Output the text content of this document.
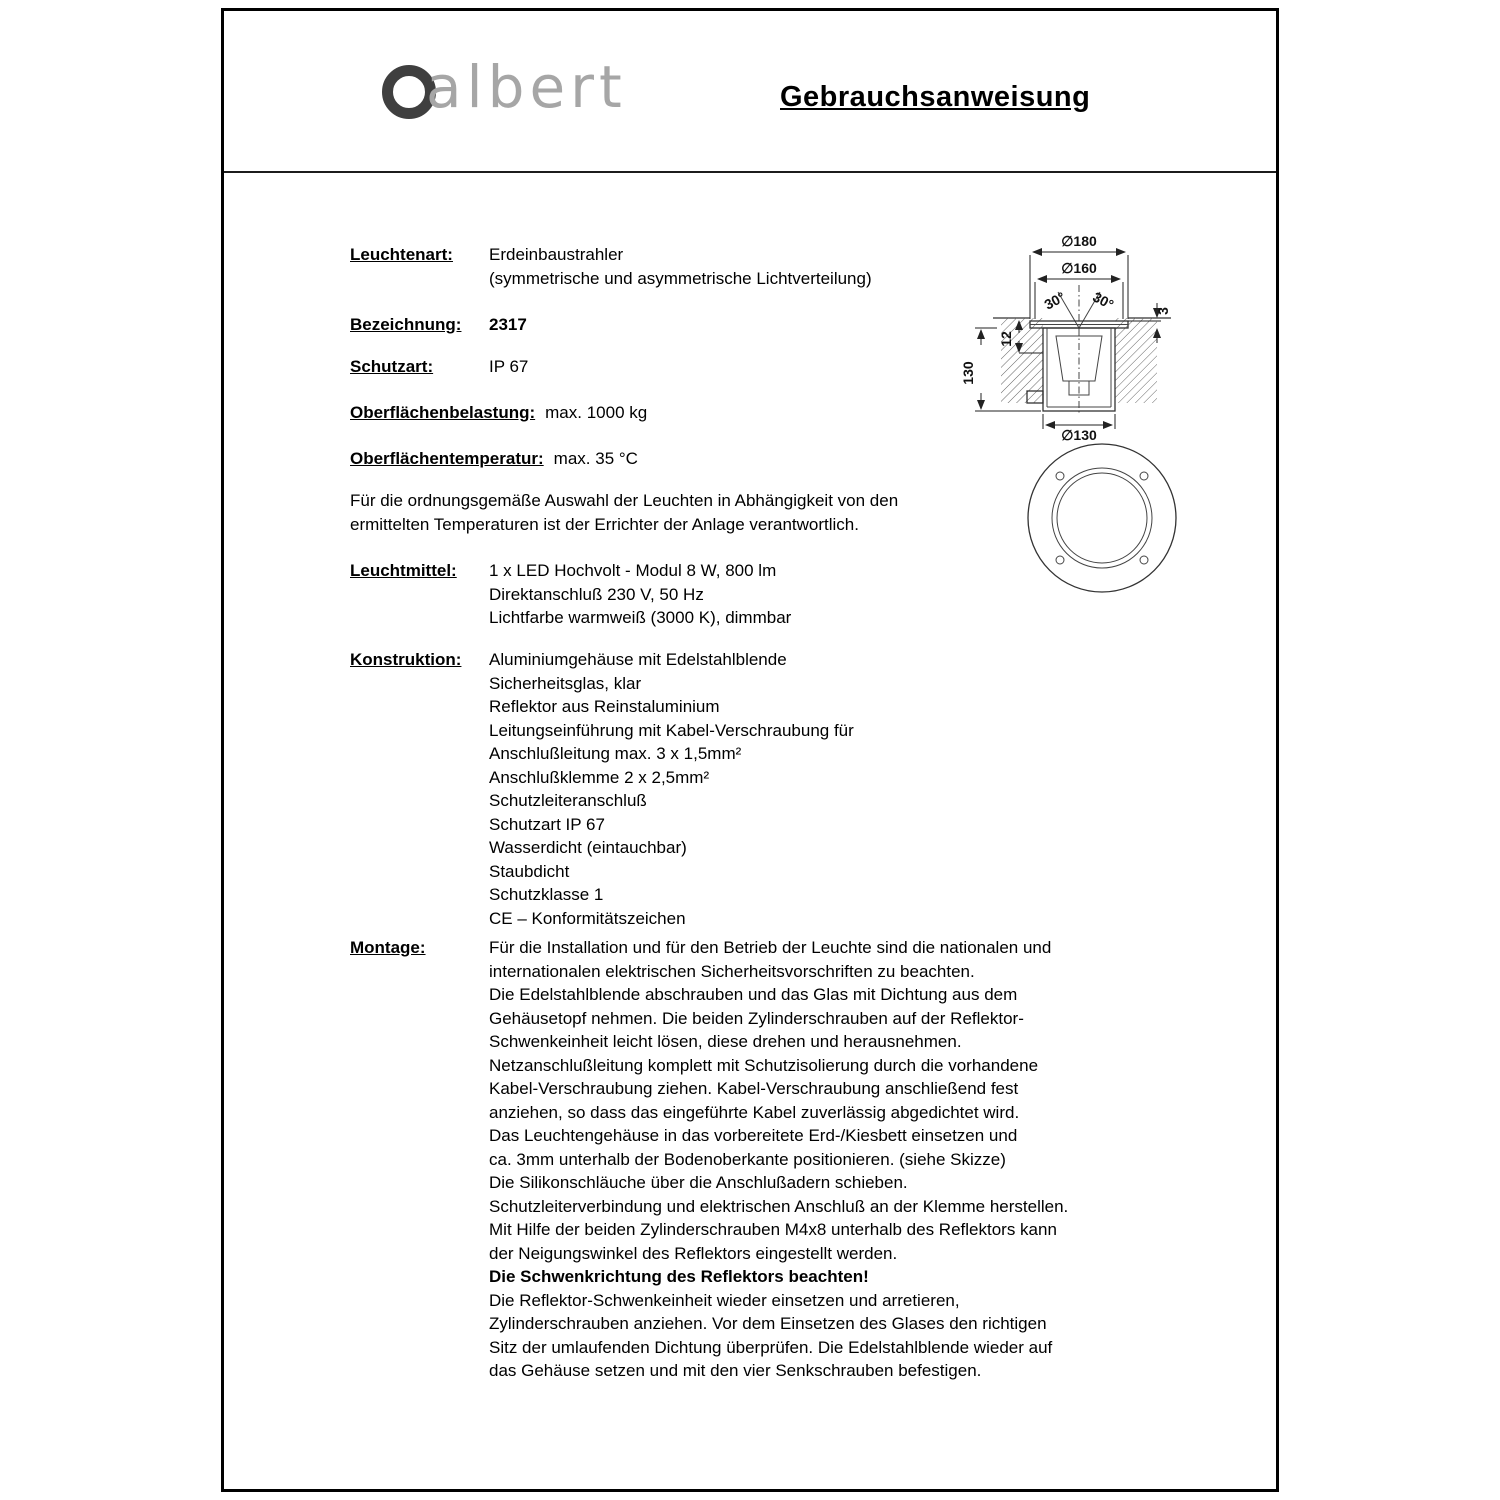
albert	Gebrauchsanweisung
∅180
∅160
30° 30°	3
12
130
∅130
Leuchtenart:	Erdeinbaustrahler
(symmetrische und asymmetrische Lichtverteilung)
Bezeichnung:	2317
Schutzart:	IP 67
Oberflächenbelastung: max. 1000 kg
Oberflächentemperatur: max. 35 °C
Für die ordnungsgemäße Auswahl der Leuchten in Abhängigkeit von den
ermittelten Temperaturen ist der Errichter der Anlage verantwortlich.
Leuchtmittel:	1 x LED Hochvolt - Modul 8 W, 800 lm
Direktanschluß 230 V, 50 Hz
Lichtfarbe warmweiß (3000 K), dimmbar
Konstruktion:	Aluminiumgehäuse mit Edelstahlblende
Sicherheitsglas, klar
Reflektor aus Reinstaluminium
Leitungseinführung mit Kabel-Verschraubung für
Anschlußleitung max. 3 x 1,5mm²
Anschlußklemme 2 x 2,5mm²
Schutzleiteranschluß
Schutzart IP 67
Wasserdicht (eintauchbar)
Staubdicht
Schutzklasse 1
CE – Konformitätszeichen
Montage:	Für die Installation und für den Betrieb der Leuchte sind die nationalen und
internationalen elektrischen Sicherheitsvorschriften zu beachten.
Die Edelstahlblende abschrauben und das Glas mit Dichtung aus dem
Gehäusetopf nehmen. Die beiden Zylinderschrauben auf der Reflektor-
Schwenkeinheit leicht lösen, diese drehen und herausnehmen.
Netzanschlußleitung komplett mit Schutzisolierung durch die vorhandene
Kabel-Verschraubung ziehen. Kabel-Verschraubung anschließend fest
anziehen, so dass das eingeführte Kabel zuverlässig abgedichtet wird.
Das Leuchtengehäuse in das vorbereitete Erd-/Kiesbett einsetzen und
ca. 3mm unterhalb der Bodenoberkante positionieren. (siehe Skizze)
Die Silikonschläuche über die Anschlußadern schieben.
Schutzleiterverbindung und elektrischen Anschluß an der Klemme herstellen.
Mit Hilfe der beiden Zylinderschrauben M4x8 unterhalb des Reflektors kann
der Neigungswinkel des Reflektors eingestellt werden.
Die Schwenkrichtung des Reflektors beachten!
Die Reflektor-Schwenkeinheit wieder einsetzen und arretieren,
Zylinderschrauben anziehen. Vor dem Einsetzen des Glases den richtigen
Sitz der umlaufenden Dichtung überprüfen. Die Edelstahlblende wieder auf
das Gehäuse setzen und mit den vier Senkschrauben befestigen.
